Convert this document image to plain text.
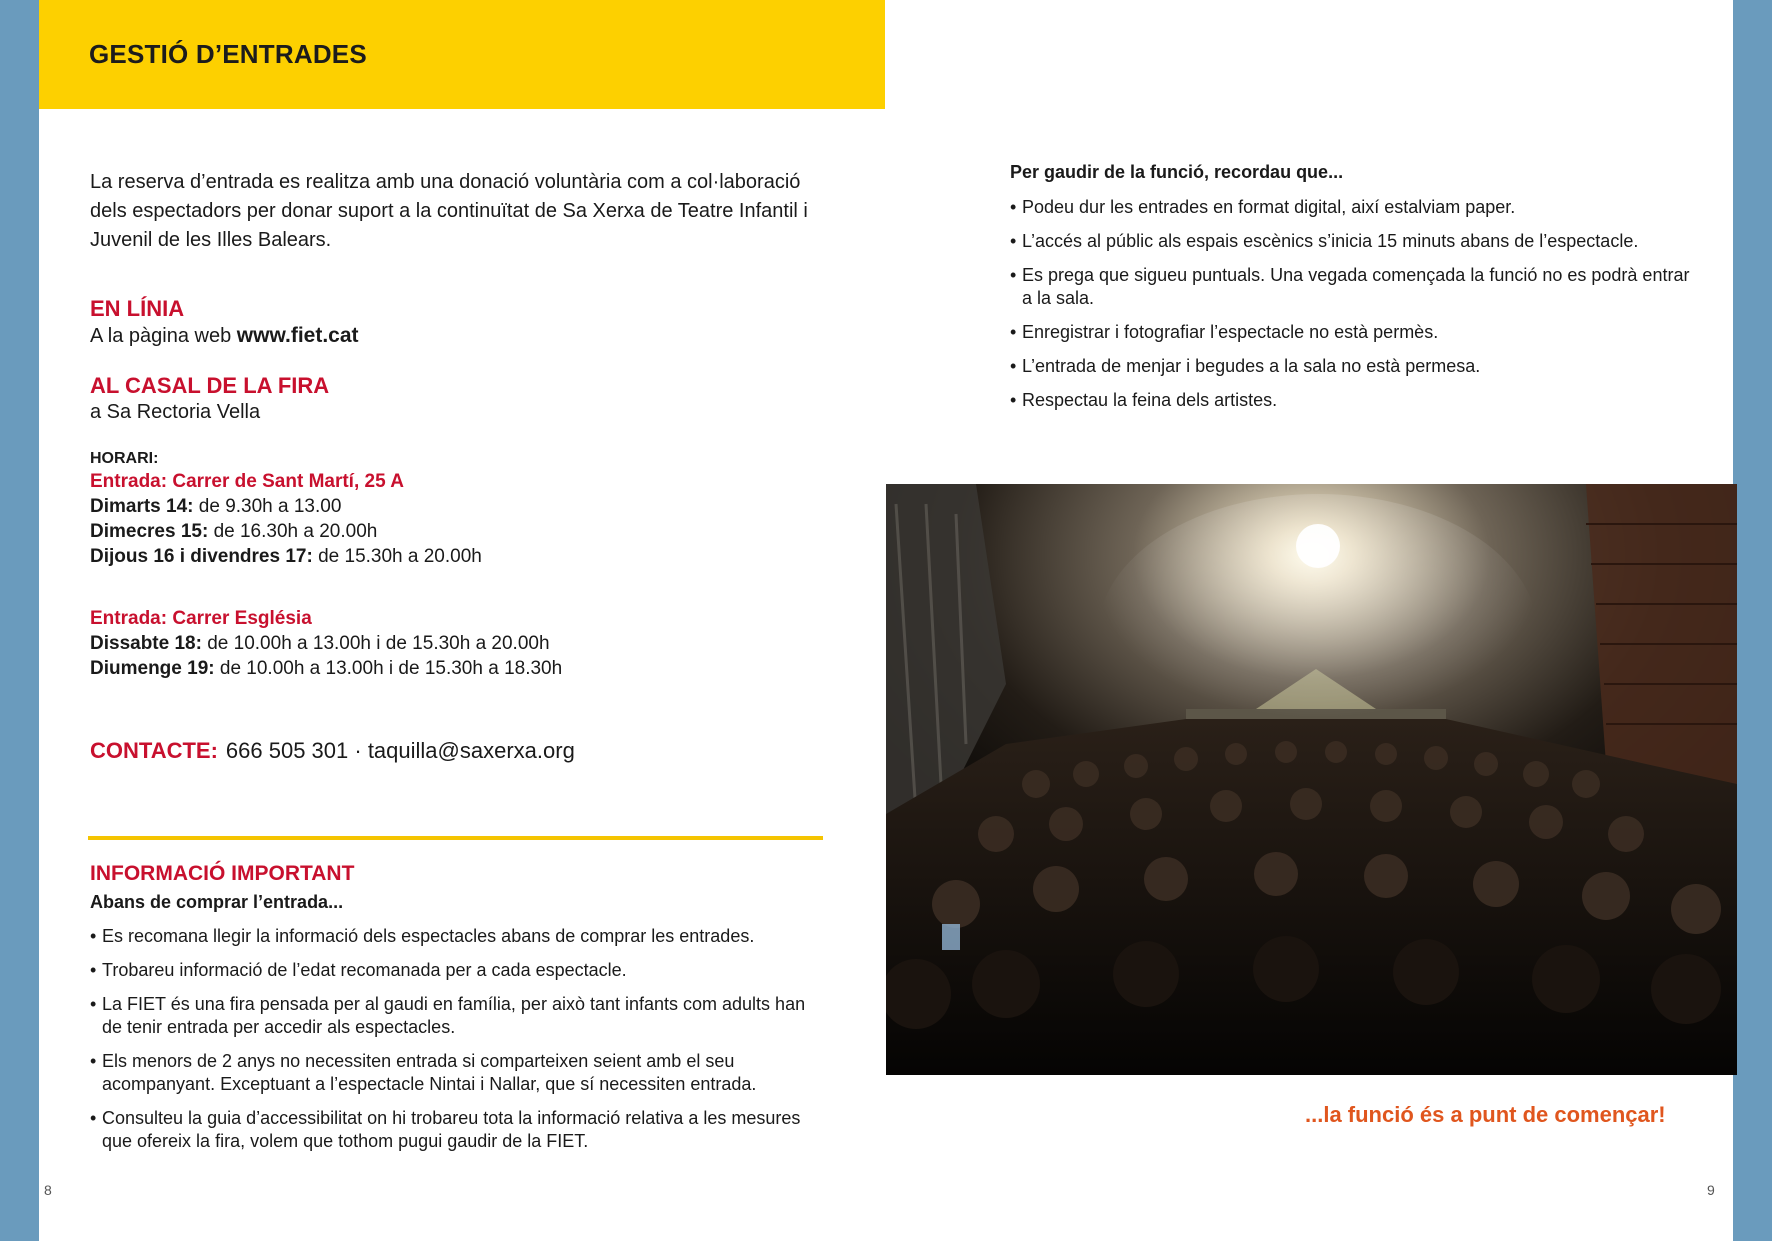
GESTIÓ D’ENTRADES

La reserva d’entrada es realitza amb una donació voluntària com a col·laboració dels espectadors per donar suport a la continuïtat de Sa Xerxa de Teatre Infantil i Juvenil de les Illes Balears.

EN LÍNIA

A la pàgina web www.fiet.cat

AL CASAL DE LA FIRA

a Sa Rectoria Vella

HORARI:

Entrada: Carrer de Sant Martí, 25 A

Dimarts 14: de 9.30h a 13.00

Dimecres 15: de 16.30h a 20.00h

Dijous 16 i divendres 17: de 15.30h a 20.00h

Entrada: Carrer Església

Dissabte 18: de 10.00h a 13.00h i de 15.30h a 20.00h

Diumenge 19: de 10.00h a 13.00h i de 15.30h a 18.30h

CONTACTE: 666 505 301 · taquilla@saxerxa.org

INFORMACIÓ IMPORTANT

Abans de comprar l’entrada...

• Es recomana llegir la informació dels espectacles abans de comprar les entrades.
• Trobareu informació de l’edat recomanada per a cada espectacle.
• La FIET és una fira pensada per al gaudi en família, per això tant infants com adults han de tenir entrada per accedir als espectacles.
• Els menors de 2 anys no necessiten entrada si comparteixen seient amb el seu acompanyant. Exceptuant a l’espectacle Nintai i Nallar, que sí necessiten entrada.
• Consulteu la guia d’accessibilitat on hi trobareu tota la informació relativa a les mesures que ofereix la fira, volem que tothom pugui gaudir de la FIET.
8	9

Per gaudir de la funció, recordau que...

• Podeu dur les entrades en format digital, així estalviam paper.
• L’accés al públic als espais escènics s’inicia 15 minuts abans de l’espectacle.
• Es prega que sigueu puntuals. Una vegada començada la funció no es podrà entrar a la sala.
• Enregistrar i fotografiar l’espectacle no està permès.
• L’entrada de menjar i begudes a la sala no està permesa.
• Respectau la feina dels artistes.

...la funció és a punt de començar!
